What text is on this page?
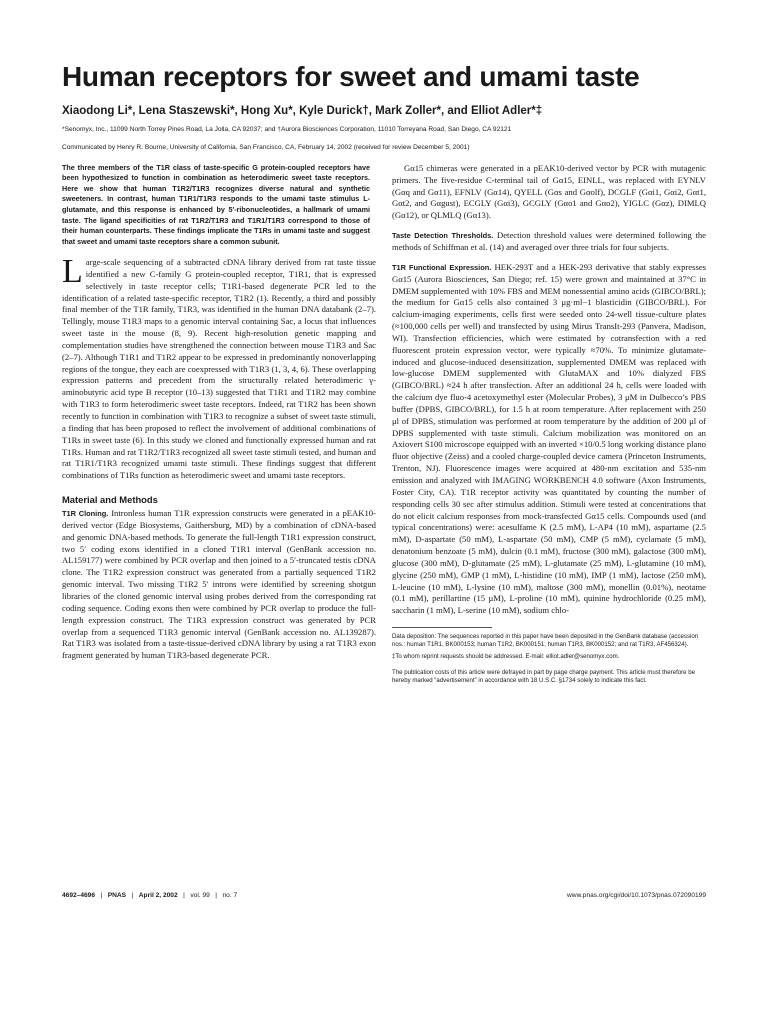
Human receptors for sweet and umami taste
Xiaodong Li*, Lena Staszewski*, Hong Xu*, Kyle Durick†, Mark Zoller*, and Elliot Adler*‡
*Senomyx, Inc., 11099 North Torrey Pines Road, La Jolla, CA 92037; and †Aurora Biosciences Corporation, 11010 Torreyana Road, San Diego, CA 92121
Communicated by Henry R. Bourne, University of California, San Francisco, CA, February 14, 2002 (received for review December 5, 2001)

The three members of the T1R class of taste-specific G protein-coupled receptors have been hypothesized to function in combination as heterodimeric sweet taste receptors. Here we show that human T1R2/T1R3 recognizes diverse natural and synthetic sweeteners. In contrast, human T1R1/T1R3 responds to the umami taste stimulus L-glutamate, and this response is enhanced by 5′-ribonucleotides, a hallmark of umami taste. The ligand specificities of rat T1R2/T1R3 and T1R1/T1R3 correspond to those of their human counterparts. These findings implicate the T1Rs in umami taste and suggest that sweet and umami taste receptors share a common subunit.

Large-scale sequencing of a subtracted cDNA library derived from rat taste tissue identified a new C-family G protein-coupled receptor, T1R1, that is expressed selectively in taste receptor cells; T1R1-based degenerate PCR led to the identification of a related taste-specific receptor, T1R2 (1). Recently, a third and possibly final member of the T1R family, T1R3, was identified in the human DNA databank (2–7). Tellingly, mouse T1R3 maps to a genomic interval containing Sac, a locus that influences sweet taste in the mouse (8, 9). Recent high-resolution genetic mapping and complementation studies have strengthened the connection between mouse T1R3 and Sac (2–7). Although T1R1 and T1R2 appear to be expressed in predominantly nonoverlapping regions of the tongue, they each are coexpressed with T1R3 (1, 3, 4, 6). These overlapping expression patterns and precedent from the structurally related heterodimeric γ-aminobutyric acid type B receptor (10–13) suggested that T1R1 and T1R2 may combine with T1R3 to form heterodimeric sweet taste receptors. Indeed, rat T1R2 has been shown recently to function in combination with T1R3 to recognize a subset of sweet taste stimuli, a finding that has been proposed to reflect the involvement of additional combinations of T1Rs in sweet taste (6). In this study we cloned and functionally expressed human and rat T1Rs. Human and rat T1R2/T1R3 recognized all sweet taste stimuli tested, and human and rat T1R1/T1R3 recognized umami taste stimuli. These findings suggest that different combinations of T1Rs function as heterodimeric sweet and umami taste receptors.

Material and Methods

T1R Cloning. Intronless human T1R expression constructs were generated in a pEAK10-derived vector (Edge Biosystems, Gaithersburg, MD) by a combination of cDNA-based and genomic DNA-based methods. To generate the full-length T1R1 expression construct, two 5′ coding exons identified in a cloned T1R1 interval (GenBank accession no. AL159177) were combined by PCR overlap and then joined to a 5′-truncated testis cDNA clone. The T1R2 expression construct was generated from a partially sequenced T1R2 genomic interval. Two missing T1R2 5′ introns were identified by screening shotgun libraries of the cloned genomic interval using probes derived from the corresponding rat coding sequence. Coding exons then were combined by PCR overlap to produce the full-length expression construct. The T1R3 expression construct was generated by PCR overlap from a sequenced T1R3 genomic interval (GenBank accession no. AL139287). Rat T1R3 was isolated from a taste-tissue-derived cDNA library by using a rat T1R3 exon fragment generated by human T1R3-based degenerate PCR.

Gα15 chimeras were generated in a pEAK10-derived vector by PCR with mutagenic primers. The five-residue C-terminal tail of Gα15, EINLL, was replaced with EYNLV (Gαq and Gα11), EFNLV (Gα14), QYELL (Gαs and Gαolf), DCGLF (Gαi1, Gαi2, Gαt1, Gαt2, and Gαgust), ECGLY (Gαi3), GCGLY (Gαo1 and Gαo2), YIGLC (Gαz), DIMLQ (Gα12), or QLMLQ (Gα13).

Taste Detection Thresholds. Detection threshold values were determined following the methods of Schiffman et al. (14) and averaged over three trials for four subjects.

T1R Functional Expression. HEK-293T and a HEK-293 derivative that stably expresses Gα15 (Aurora Biosciences, San Diego; ref. 15) were grown and maintained at 37°C in DMEM supplemented with 10% FBS and MEM nonessential amino acids (GIBCO/BRL); the medium for Gα15 cells also contained 3 μg·ml−1 blasticidin (GIBCO/BRL). For calcium-imaging experiments, cells first were seeded onto 24-well tissue-culture plates (≈100,000 cells per well) and transfected by using Mirus TransIt-293 (Panvera, Madison, WI). Transfection efficiencies, which were estimated by cotransfection with a red fluorescent protein expression vector, were typically ≈70%. To minimize glutamate-induced and glucose-induced desensitization, supplemented DMEM was replaced with low-glucose DMEM supplemented with GlutaMAX and 10% dialyzed FBS (GIBCO/BRL) ≈24 h after transfection. After an additional 24 h, cells were loaded with the calcium dye fluo-4 acetoxymethyl ester (Molecular Probes), 3 μM in Dulbecco’s PBS buffer (DPBS, GIBCO/BRL), for 1.5 h at room temperature. After replacement with 250 μl of DPBS, stimulation was performed at room temperature by the addition of 200 μl of DPBS supplemented with taste stimuli. Calcium mobilization was monitored on an Axiovert S100 microscope equipped with an inverted ×10/0.5 long working distance plano fluor objective (Zeiss) and a cooled charge-coupled device camera (Princeton Instruments, Trenton, NJ). Fluorescence images were acquired at 480-nm excitation and 535-nm emission and analyzed with IMAGING WORKBENCH 4.0 software (Axon Instruments, Foster City, CA). T1R receptor activity was quantitated by counting the number of responding cells 30 sec after stimulus addition. Stimuli were tested at concentrations that do not elicit calcium responses from mock-transfected Gα15 cells. Compounds used (and typical concentrations) were: acesulfame K (2.5 mM), L-AP4 (10 mM), aspartame (2.5 mM), D-aspartate (50 mM), L-aspartate (50 mM), CMP (5 mM), cyclamate (5 mM), denatonium benzoate (5 mM), dulcin (0.1 mM), fructose (300 mM), galactose (300 mM), glucose (300 mM), D-glutamate (25 mM), L-glutamate (25 mM), L-glutamine (10 mM), glycine (250 mM), GMP (1 mM), L-histidine (10 mM), IMP (1 mM), lactose (250 mM), L-leucine (10 mM), L-lysine (10 mM), maltose (300 mM), monellin (0.01%), neotame (0.1 mM), perillartine (15 μM), L-proline (10 mM), quinine hydrochloride (0.25 mM), saccharin (1 mM), L-serine (10 mM), sodium chlo-

Data deposition: The sequences reported in this paper have been deposited in the GenBank database (accession nos.: human T1R1, BK000153; human T1R2, BK000151; human T1R3, BK000152; and rat T1R3, AF456324).

‡To whom reprint requests should be addressed. E-mail: elliot.adler@senomyx.com.

The publication costs of this article were defrayed in part by page charge payment. This article must therefore be hereby marked “advertisement” in accordance with 18 U.S.C. §1734 solely to indicate this fact.

4692–4696   |   PNAS   |   April 2, 2002   |   vol. 99   |   no. 7	www.pnas.org/cgi/doi/10.1073/pnas.072090199
